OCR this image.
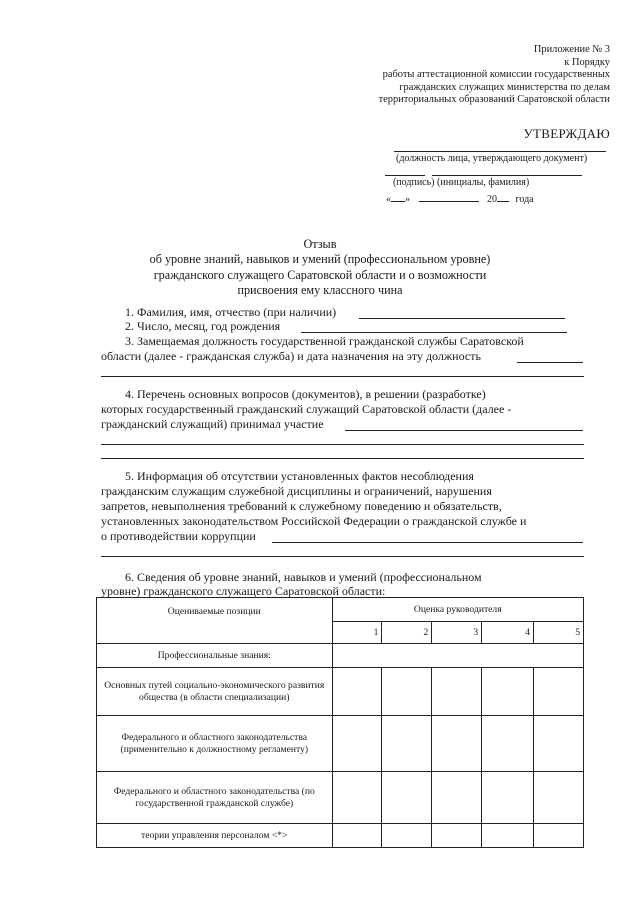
Приложение № 3
к Порядку
работы аттестационной комиссии государственных
гражданских служащих министерства по делам
территориальных образований Саратовской области
УТВЕРЖДАЮ
(должность лица, утверждающего документ)
(подпись) (инициалы, фамилия)
« »	20 года
Отзыв
об уровне знаний, навыков и умений (профессиональном уровне)
гражданского служащего Саратовской области и о возможности
присвоения ему классного чина
1. Фамилия, имя, отчество (при наличии)
2. Число, месяц, год рождения
3. Замещаемая должность государственной гражданской службы Саратовской
области (далее - гражданская служба) и дата назначения на эту должность
4. Перечень основных вопросов (документов), в решении (разработке)
которых государственный гражданский служащий Саратовской области (далее -
гражданский служащий) принимал участие
5. Информация об отсутствии установленных фактов несоблюдения
гражданским служащим служебной дисциплины и ограничений, нарушения
запретов, невыполнения требований к служебному поведению и обязательств,
установленных законодательством Российской Федерации о гражданской службе и
о противодействии коррупции
6. Сведения об уровне знаний, навыков и умений (профессиональном
уровне) гражданского служащего Саратовской области:
Оцениваемые позиции	Оценка руководителя				
	1	2	3	4	5
Профессиональные знания:					
Основных путей социально-экономического развития общества (в области специализации)					
Федерального и областного законодательства (применительно к должностному регламенту)					
Федерального и областного законодательства (по государственной гражданской службе)					
теории управления персоналом <*>					
